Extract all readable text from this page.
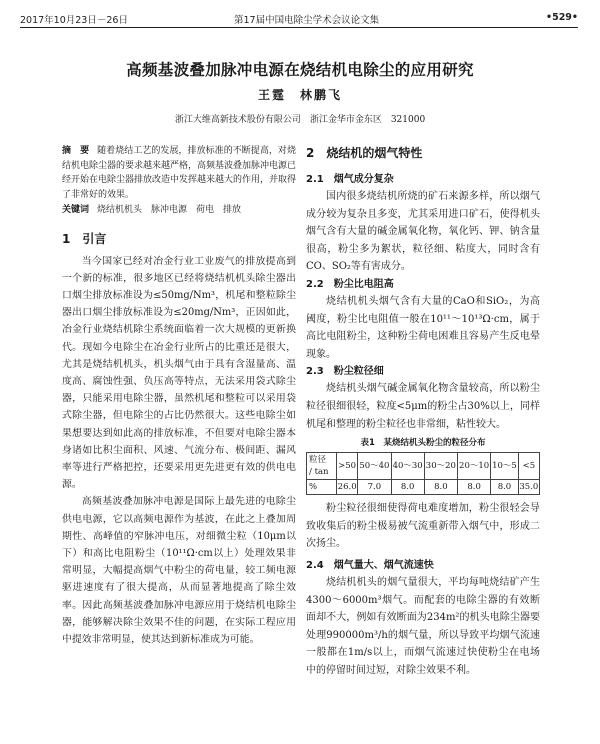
2017年10月23日－26日	第17届中国电除尘学术会议论文集	•529•
高频基波叠加脉冲电源在烧结机电除尘的应用研究
王霆　林鹏飞
浙江大维高新技术股份有限公司　浙江金华市金东区　321000
摘　要 随着烧结工艺的发展，排放标准的不断提高，对烧结机电除尘器的要求越来越严格，高频基波叠加脉冲电源已经开始在电除尘器排放改造中发挥越来越大的作用，并取得了非常好的效果。
关键词 烧结机机头　脉冲电源　荷电　排放
1　引言

当今国家已经对冶金行业工业废气的排放提高到一个新的标准，很多地区已经将烧结机机头除尘器出口烟尘排放标准设为≤50mg/Nm³，机尾和整粒除尘器出口烟尘排放标准设为≤20mg/Nm³，正因如此，冶金行业烧结机除尘系统面临着一次大规模的更新换代。现如今电除尘在冶金行业所占的比重还是很大，尤其是烧结机机头，机头烟气由于具有含湿量高、温度高、腐蚀性强、负压高等特点，无法采用袋式除尘器，只能采用电除尘器，虽然机尾和整粒可以采用袋式除尘器，但电除尘的占比仍然很大。这些电除尘如果想要达到如此高的排放标准，不但要对电除尘器本身诸如比积尘面积、风速、气流分布、极间距、漏风率等进行严格把控，还要采用更先进更有效的供电电源。

高频基波叠加脉冲电源是国际上最先进的电除尘供电电源，它以高频电源作为基波，在此之上叠加周期性、高峰值的窄脉冲电压，对细微尘粒（10μm以下）和高比电阻粉尘（10¹¹Ω·cm以上）处理效果非常明显，大幅提高烟气中粉尘的荷电量，较工频电源驱进速度有了很大提高，从而显著地提高了除尘效率。因此高频基波叠加脉冲电源应用于烧结机电除尘器，能够解决除尘效果不佳的问题，在实际工程应用中提效非常明显，使其达到新标准成为可能。

2　烧结机的烟气特性
2.1　烟气成分复杂

国内很多烧结机所烧的矿石来源多样，所以烟气成分较为复杂且多变，尤其采用进口矿石，使得机头烟气含有大量的碱金属氧化物，氧化钙、钾、钠含量很高，粉尘多为絮状，粒径细、粘度大，同时含有CO、SO₂等有害成分。

2.2　粉尘比电阻高

烧结机机头烟气含有大量的CaO和SiO₂，为高阈度，粉尘比电阻值一般在10¹¹～10¹³Ω·cm，属于高比电阻粉尘，这种粉尘荷电困难且容易产生反电晕现象。

2.3　粉尘粒径细

烧结机头烟气碱金属氧化物含量较高，所以粉尘粒径很细很轻，粒度<5μm的粉尘占30%以上，同样机尾和整理的粉尘粒径也非常细，粘性较大。

表1　某烧结机头粉尘的粒径分布
粒径
/ tan	>50	50～40	40～30	30～20	20～10	10～5	<5
%	26.0	7.0	8.0	8.0	8.0	8.0	35.0

粉尘粒径很细使得荷电难度增加，粉尘很轻会导致收集后的粉尘极易被气流重新带入烟气中，形成二次扬尘。

2.4　烟气量大、烟气流速快

烧结机机头的烟气量很大，平均每吨烧结矿产生4300～6000m³烟气。而配套的电除尘器的有效断面却不大，例如有效断面为234m²的机头电除尘器要处理990000m³/h的烟气量，所以导致平均烟气流速一般都在1m/s以上，而烟气流速过快使粉尘在电场中的停留时间过短，对除尘效果不利。
